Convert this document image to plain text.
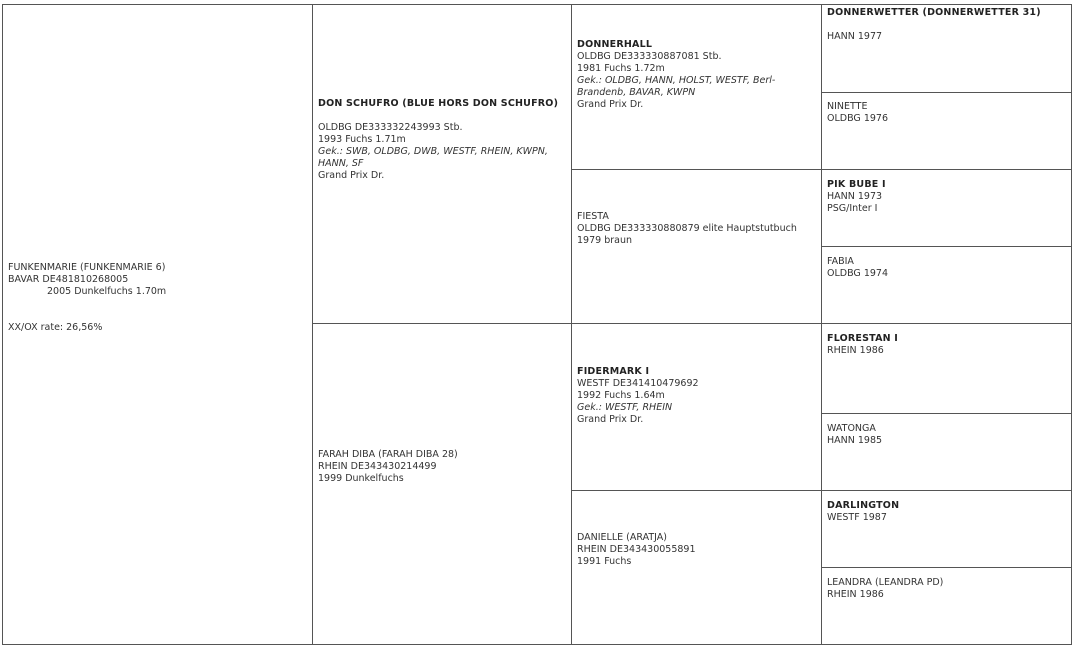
FUNKENMARIE (FUNKENMARIE 6)
BAVAR DE481810268005
2005 Dunkelfuchs 1.70m
XX/OX rate: 26,56%
DON SCHUFRO (BLUE HORS DON SCHUFRO)
OLDBG DE333332243993 Stb.
1993 Fuchs 1.71m
Gek.: SWB, OLDBG, DWB, WESTF, RHEIN, KWPN, HANN, SF
Grand Prix Dr.
FARAH DIBA (FARAH DIBA 28)
RHEIN DE343430214499
1999 Dunkelfuchs
DONNERHALL
OLDBG DE333330887081 Stb.
1981 Fuchs 1.72m
Gek.: OLDBG, HANN, HOLST, WESTF, Berl-Brandenb, BAVAR, KWPN
Grand Prix Dr.
FIESTA
OLDBG DE333330880879 elite Hauptstutbuch
1979 braun
FIDERMARK I
WESTF DE341410479692
1992 Fuchs 1.64m
Gek.: WESTF, RHEIN
Grand Prix Dr.
DANIELLE (ARATJA)
RHEIN DE343430055891
1991 Fuchs
DONNERWETTER (DONNERWETTER 31)
HANN 1977
NINETTE
OLDBG 1976
PIK BUBE I
HANN 1973
PSG/Inter I
FABIA
OLDBG 1974
FLORESTAN I
RHEIN 1986
WATONGA
HANN 1985
DARLINGTON
WESTF 1987
LEANDRA (LEANDRA PD)
RHEIN 1986
